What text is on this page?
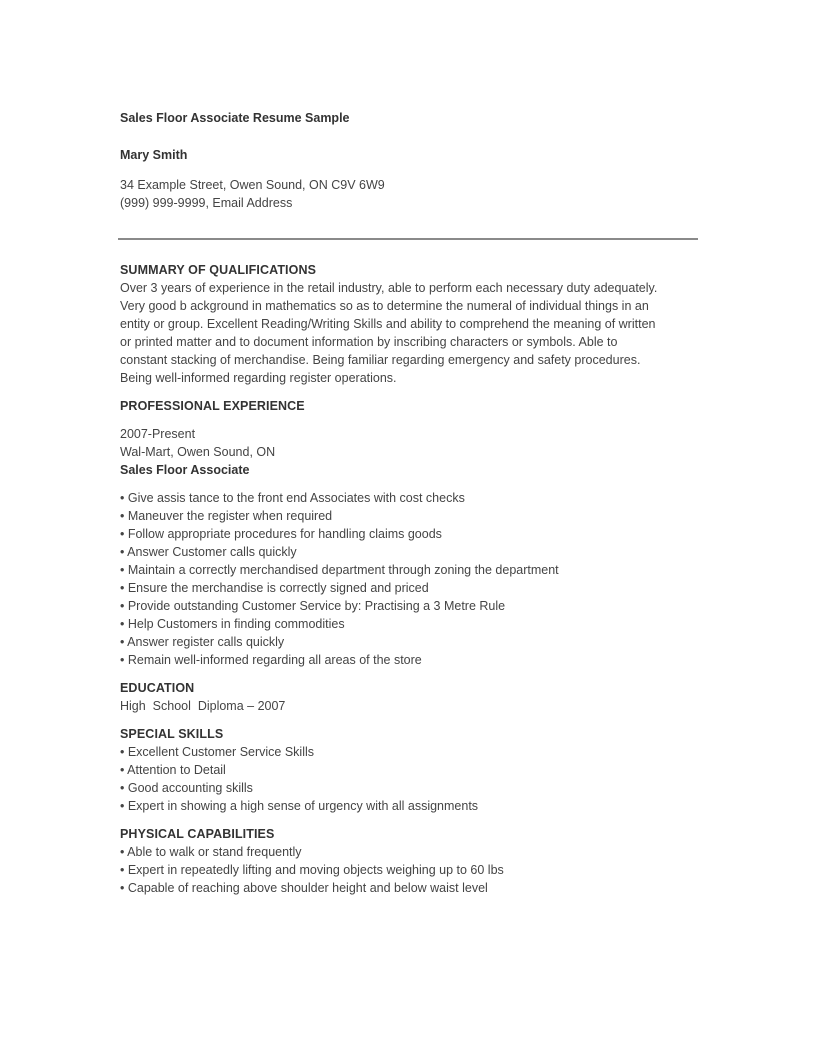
Sales Floor Associate Resume Sample
Mary Smith
34 Example Street, Owen Sound, ON C9V 6W9
(999) 999-9999, Email Address
SUMMARY OF QUALIFICATIONS
Over 3 years of experience in the retail industry, able to perform each necessary duty adequately.
Very good b ackground in mathematics so as to determine the numeral of individual things in an
entity or group. Excellent Reading/Writing Skills and ability to comprehend the meaning of written
or printed matter and to document information by inscribing characters or symbols. Able to
constant stacking of merchandise. Being familiar regarding emergency and safety procedures.
Being well-informed regarding register operations.
PROFESSIONAL EXPERIENCE
2007-Present
Wal-Mart, Owen Sound, ON
Sales Floor Associate
• Give assis tance to the front end Associates with cost checks
• Maneuver the register when required
• Follow appropriate procedures for handling claims goods
• Answer Customer calls quickly
• Maintain a correctly merchandised department through zoning the department
• Ensure the merchandise is correctly signed and priced
• Provide outstanding Customer Service by: Practising a 3 Metre Rule
• Help Customers in finding commodities
• Answer register calls quickly
• Remain well-informed regarding all areas of the store
EDUCATION
High  School  Diploma – 2007
SPECIAL SKILLS
• Excellent Customer Service Skills
• Attention to Detail
• Good accounting skills
• Expert in showing a high sense of urgency with all assignments
PHYSICAL CAPABILITIES
• Able to walk or stand frequently
• Expert in repeatedly lifting and moving objects weighing up to 60 lbs
• Capable of reaching above shoulder height and below waist level
